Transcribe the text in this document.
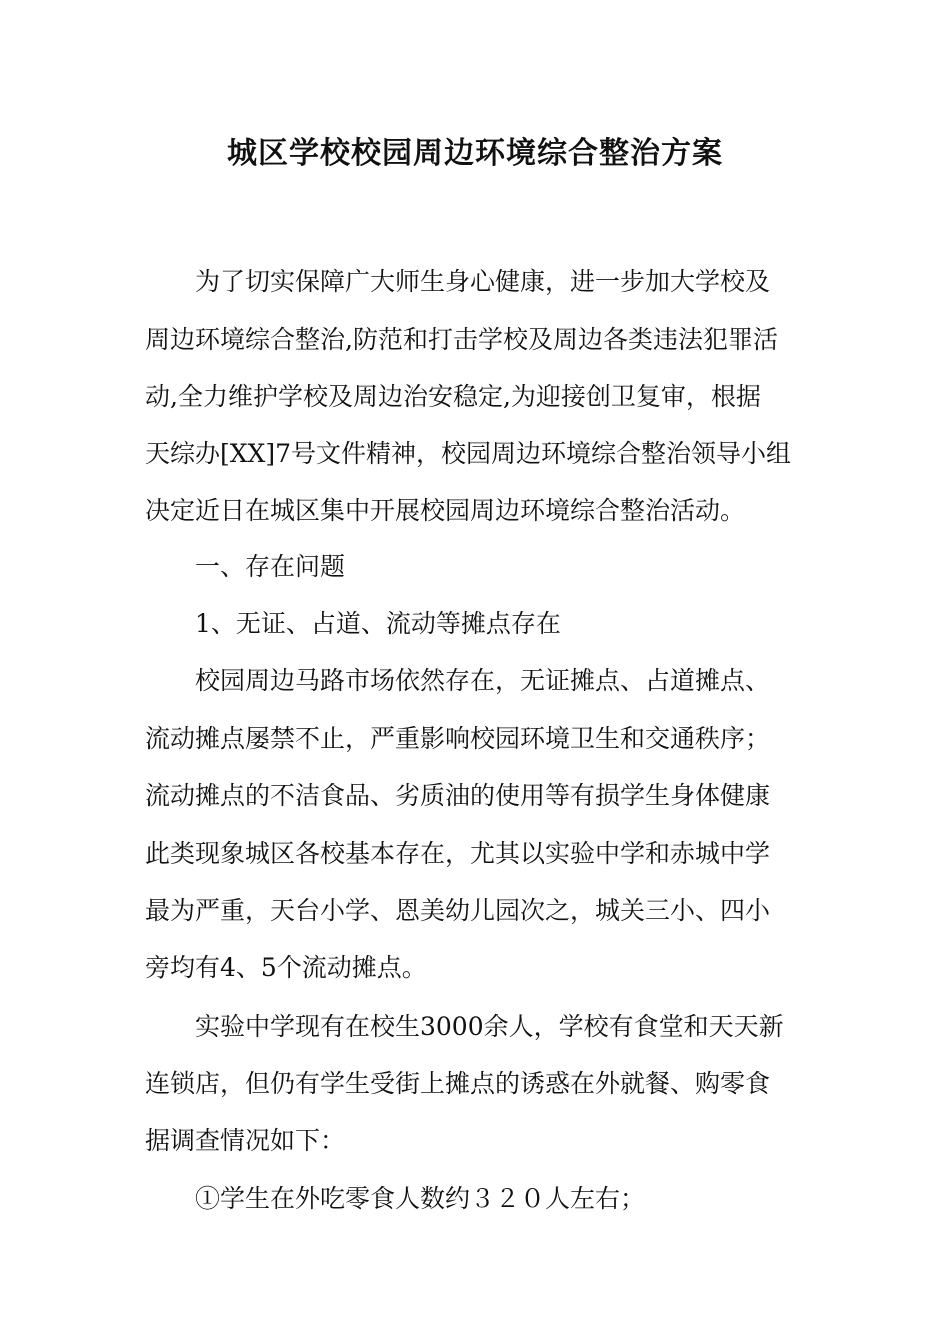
城区学校校园周边环境综合整治方案

为了切实保障广大师生身心健康，进一步加大学校及

周边环境综合整治,防范和打击学校及周边各类违法犯罪活

动,全力维护学校及周边治安稳定,为迎接创卫复审，根据

天综办[XX]7号文件精神，校园周边环境综合整治领导小组

决定近日在城区集中开展校园周边环境综合整治活动。

一、存在问题

1、无证、占道、流动等摊点存在

校园周边马路市场依然存在，无证摊点、占道摊点、

流动摊点屡禁不止，严重影响校园环境卫生和交通秩序；

流动摊点的不洁食品、劣质油的使用等有损学生身体健康

此类现象城区各校基本存在，尤其以实验中学和赤城中学

最为严重，天台小学、恩美幼儿园次之，城关三小、四小

旁均有4、5个流动摊点。

实验中学现有在校生3000余人，学校有食堂和天天新

连锁店，但仍有学生受街上摊点的诱惑在外就餐、购零食

据调查情况如下：

①学生在外吃零食人数约３２０人左右；
